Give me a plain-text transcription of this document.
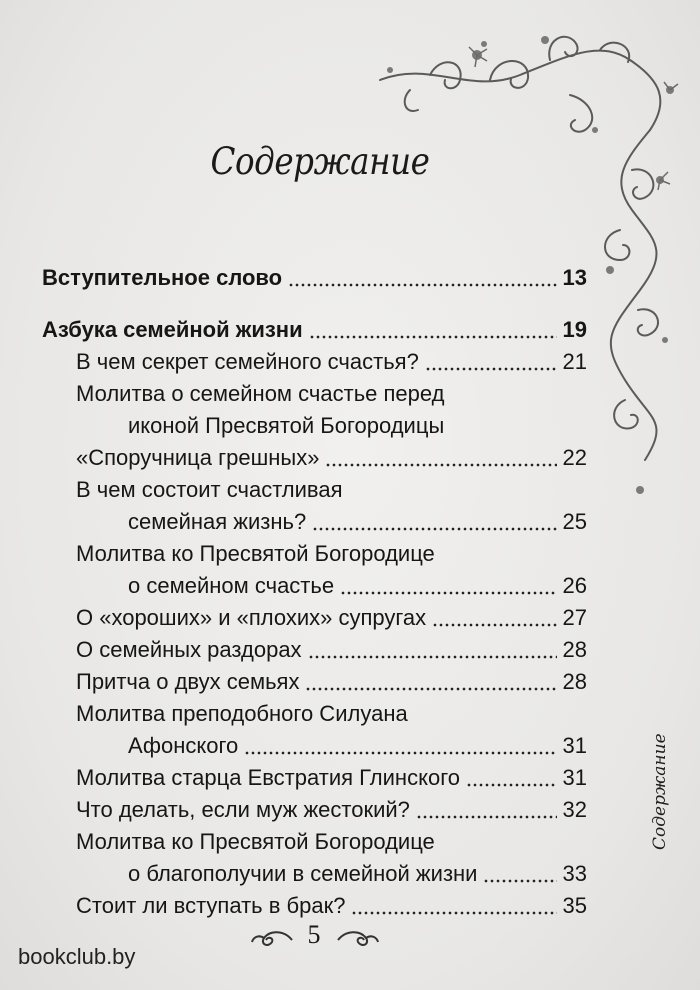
Содержание
Вступительное слово	13
Азбука семейной жизни	19
В чем секрет семейного счастья?	21
Молитва о семейном счастье перед
иконой Пресвятой Богородицы
«Споручница грешных»	22
В чем состоит счастливая
семейная жизнь?	25
Молитва ко Пресвятой Богородице
о семейном счастье	26
О «хороших» и «плохих» супругах	27
О семейных раздорах	28
Притча о двух семьях	28
Молитва преподобного Силуана
Афонского	31
Молитва старца Евстратия Глинского	31
Что делать, если муж жестокий?	32
Молитва ко Пресвятой Богородице
о благополучии в семейной жизни	33
Стоит ли вступать в брак?	35
Содержание
5
bookclub.by
